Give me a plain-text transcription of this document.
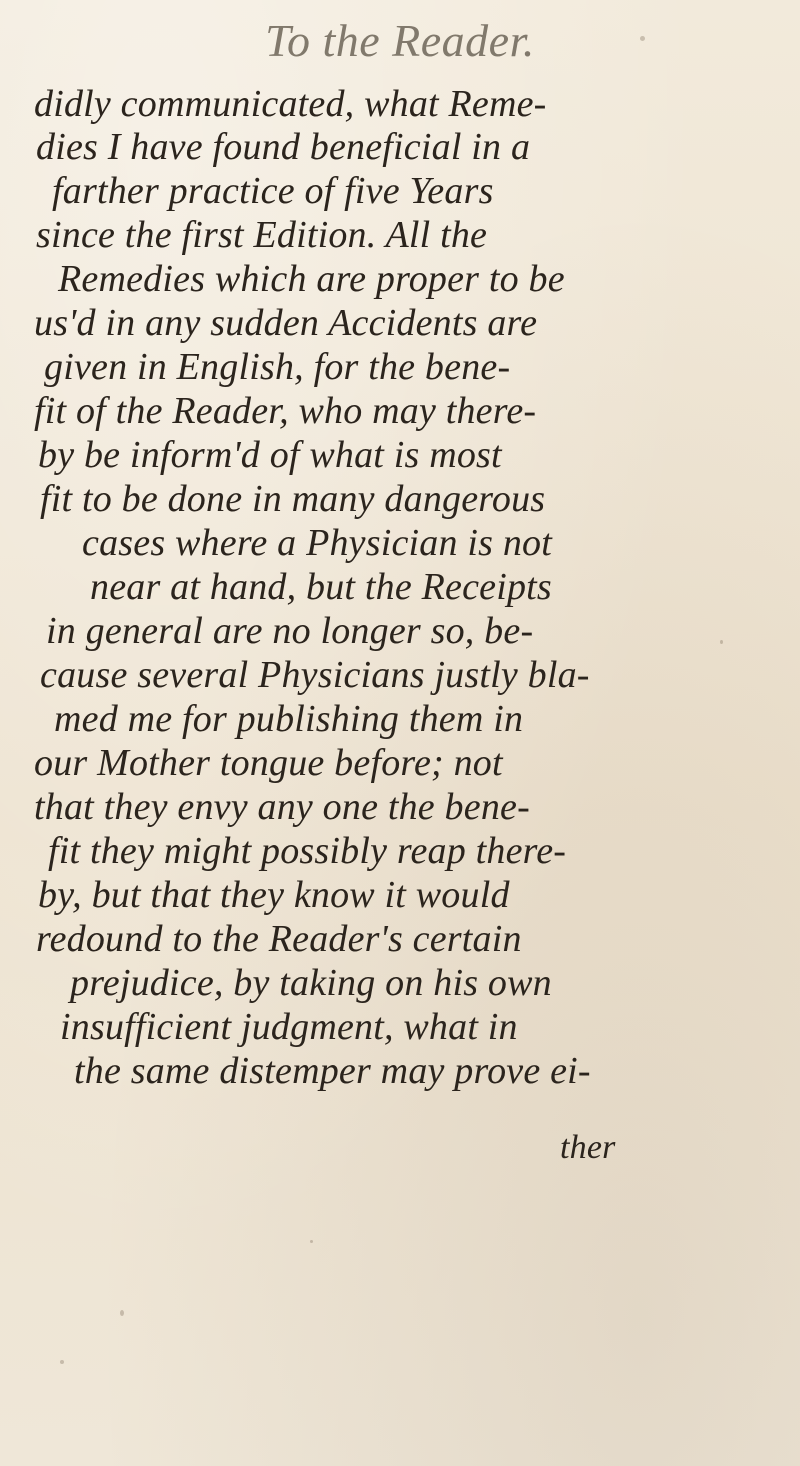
To the Reader.
didly communicated, what Reme-
dies I have found beneficial in a
farther practice of five Years
since the first Edition. All the
Remedies which are proper to be
us'd in any sudden Accidents are
given in English, for the bene-
fit of the Reader, who may there-
by be inform'd of what is most
fit to be done in many dangerous
cases where a Physician is not
near at hand, but the Receipts
in general are no longer so, be-
cause several Physicians justly bla-
med me for publishing them in
our Mother tongue before; not
that they envy any one the bene-
fit they might possibly reap there-
by, but that they know it would
redound to the Reader's certain
prejudice, by taking on his own
insufficient judgment, what in
the same distemper may prove ei-
ther
